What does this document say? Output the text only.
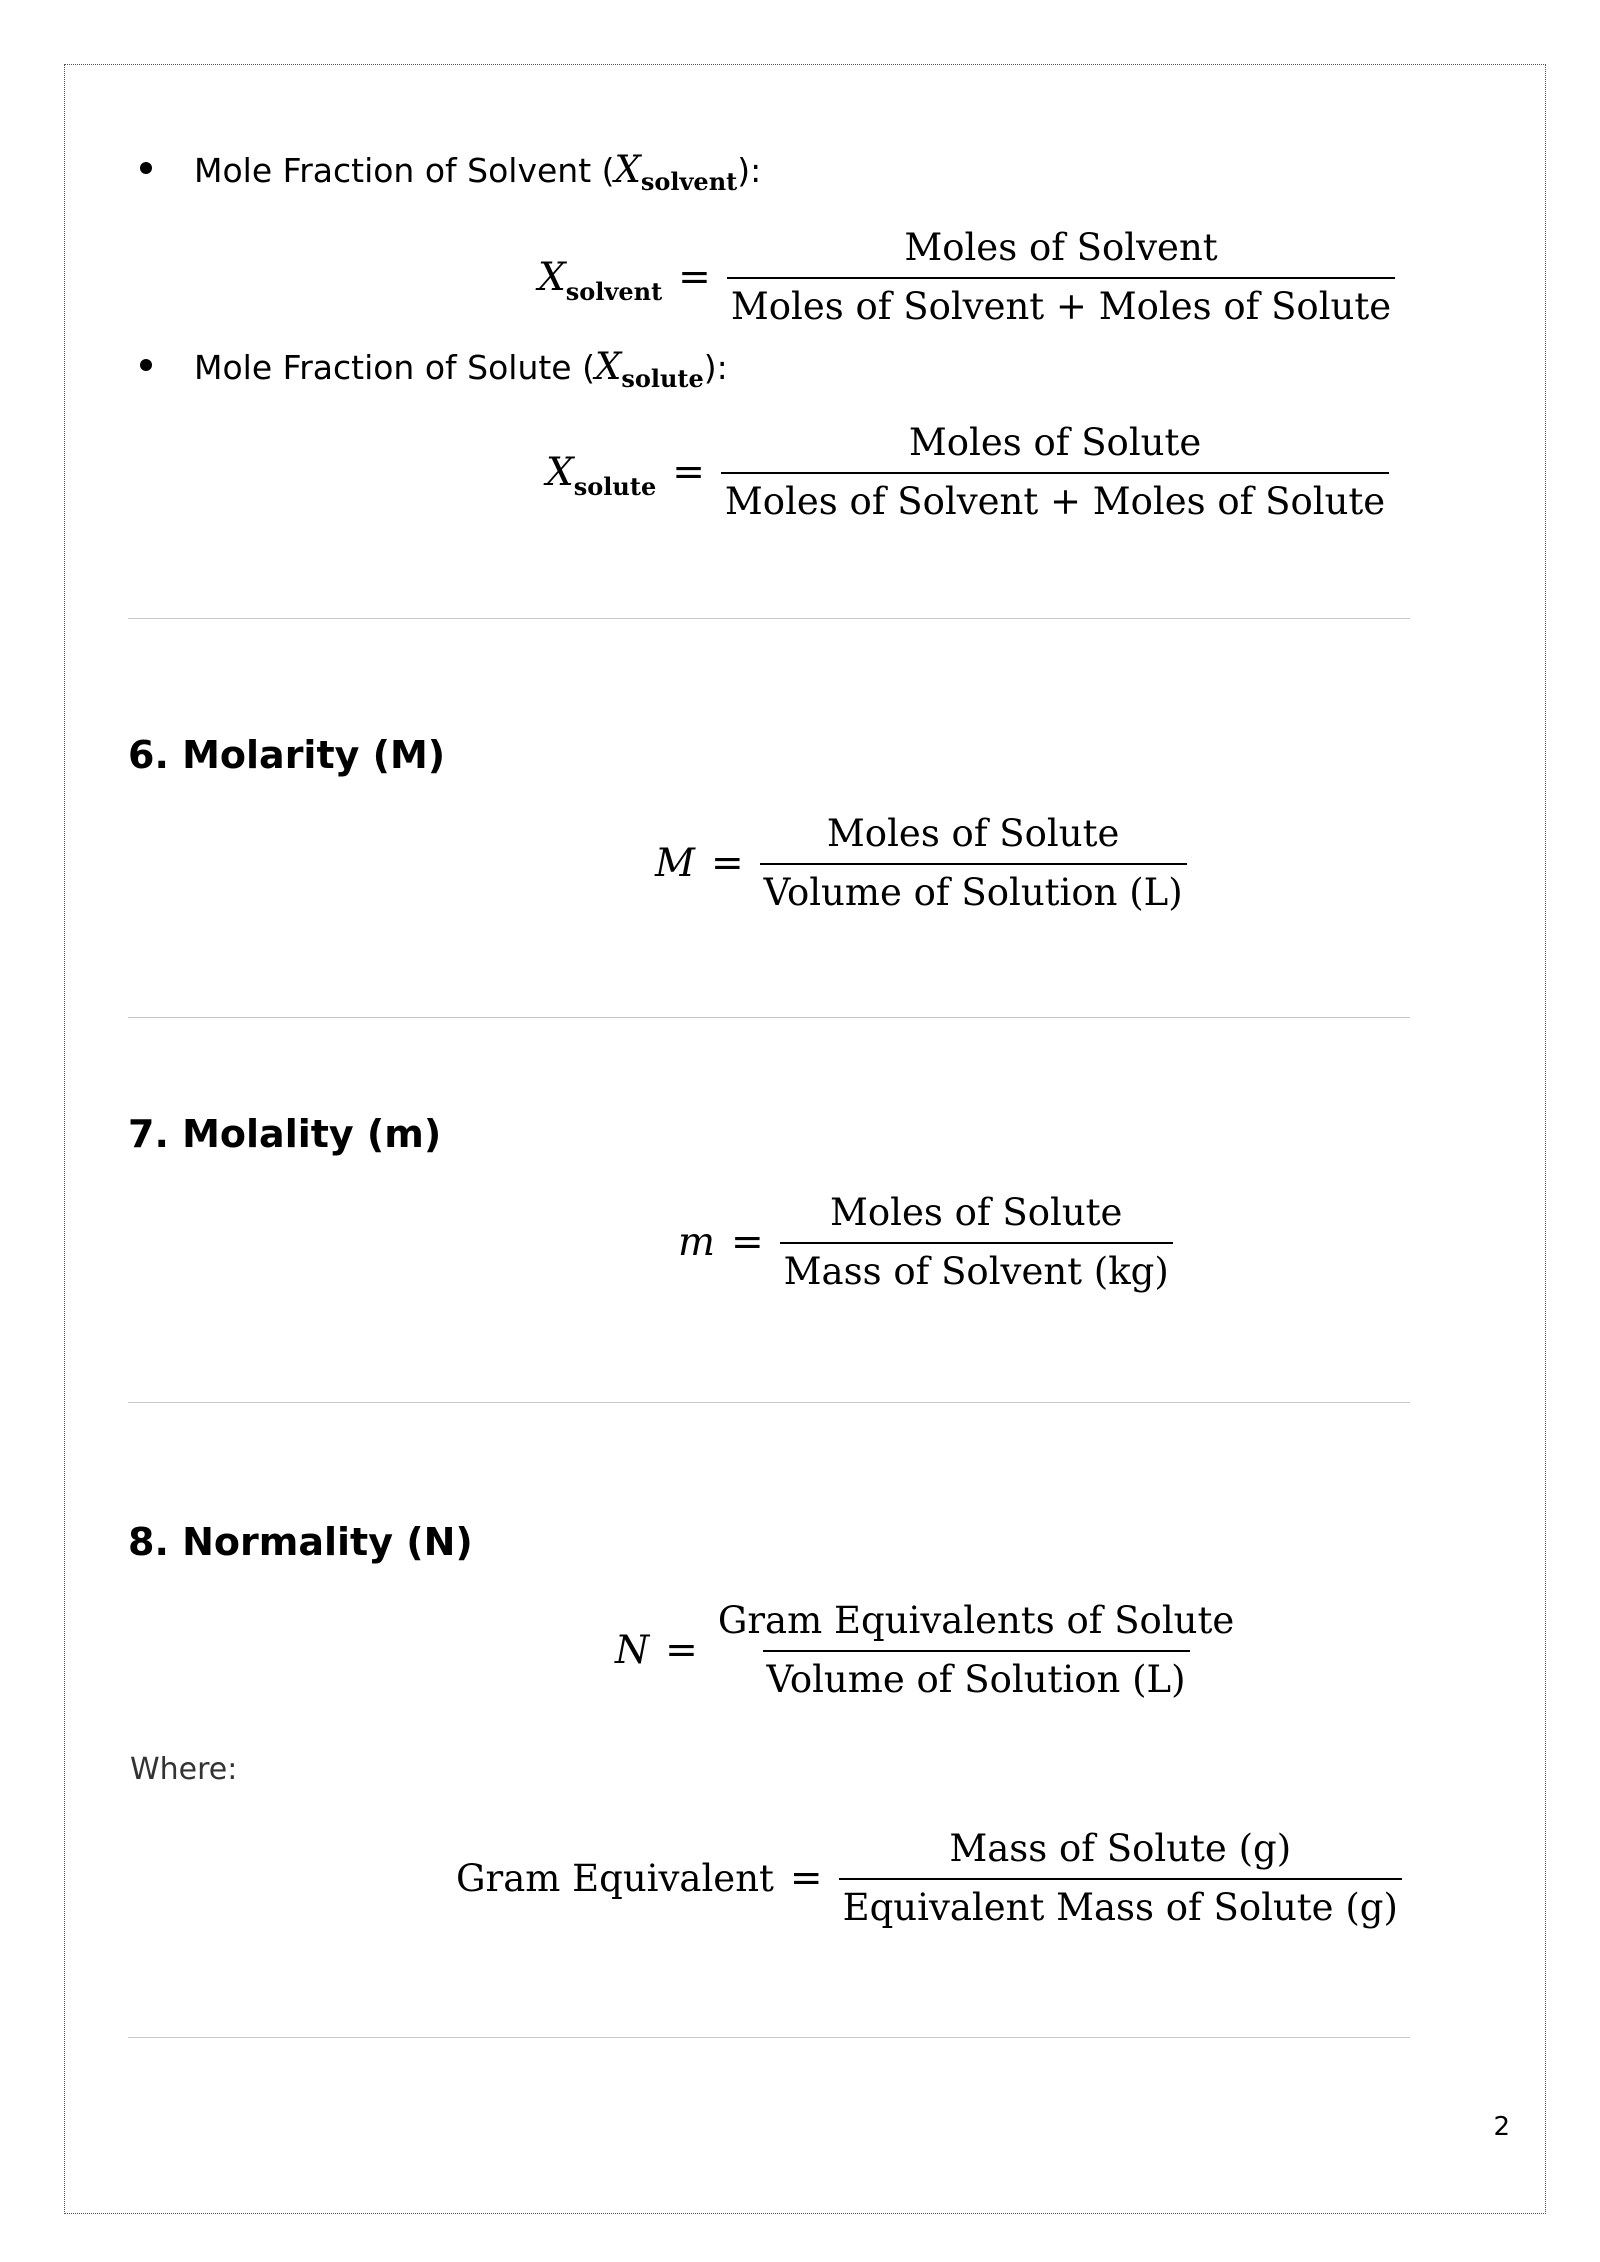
Mole Fraction of Solvent ( X solvent ):
X solvent = $\frac{\text{Moles of Solvent}}{\text{Moles of Solvent + Moles of Solute}}$
Mole Fraction of Solute ( X solute ):
X solute = $\frac{\text{Moles of Solute}}{\text{Moles of Solvent + Moles of Solute}}$
6. Molarity (M)
$M = \frac{\text{Moles of Solute}}{\text{Volume of Solution (L)}}$
7. Molality (m)
$m = \frac{\text{Moles of Solute}}{\text{Mass of Solvent (kg)}}$
8. Normality (N)
$N = \frac{\text{Gram Equivalents of Solute}}{\text{Volume of Solution (L)}}$
Where:
Gram Equivalent = $\frac{\text{Mass of Solute (g)}}{\text{Equivalent Mass of Solute (g)}}$
2
